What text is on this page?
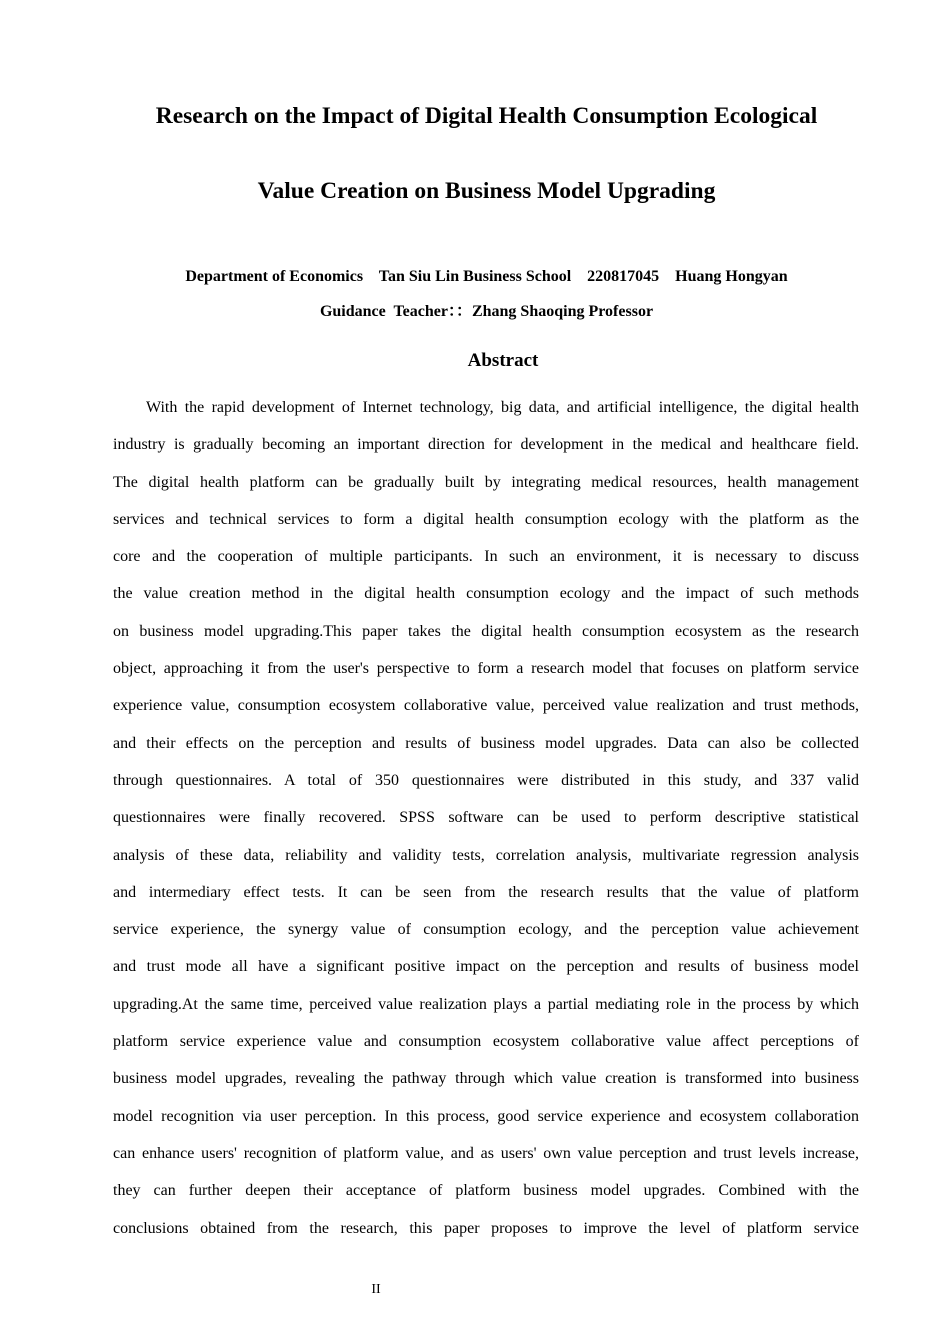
Research on the Impact of Digital Health Consumption Ecological
Value Creation on Business Model Upgrading
Department of Economics    Tan Siu Lin Business School    220817045    Huang Hongyan
Guidance  Teacher：：Zhang Shaoqing Professor
Abstract
With the rapid development of Internet technology, big data, and artificial intelligence, the digital health
industry is gradually becoming an important direction for development in the medical and healthcare field.
The digital health platform can be gradually built by integrating medical resources, health management
services and technical services to form a digital health consumption ecology with the platform as the
core and the cooperation of multiple participants. In such an environment, it is necessary to discuss
the value creation method in the digital health consumption ecology and the impact of such methods
on business model upgrading.This paper takes the digital health consumption ecosystem as the research
object, approaching it from the user's perspective to form a research model that focuses on platform service
experience value, consumption ecosystem collaborative value, perceived value realization and trust methods,
and their effects on the perception and results of business model upgrades. Data can also be collected
through questionnaires. A total of 350 questionnaires were distributed in this study, and 337 valid
questionnaires were finally recovered. SPSS software can be used to perform descriptive statistical
analysis of these data, reliability and validity tests, correlation analysis, multivariate regression analysis
and intermediary effect tests. It can be seen from the research results that the value of platform
service experience, the synergy value of consumption ecology, and the perception value achievement
and trust mode all have a significant positive impact on the perception and results of business model
upgrading.At the same time, perceived value realization plays a partial mediating role in the process by which
platform service experience value and consumption ecosystem collaborative value affect perceptions of
business model upgrades, revealing the pathway through which value creation is transformed into business
model recognition via user perception. In this process, good service experience and ecosystem collaboration
can enhance users' recognition of platform value, and as users' own value perception and trust levels increase,
they can further deepen their acceptance of platform business model upgrades. Combined with the
conclusions obtained from the research, this paper proposes to improve the level of platform service
II
